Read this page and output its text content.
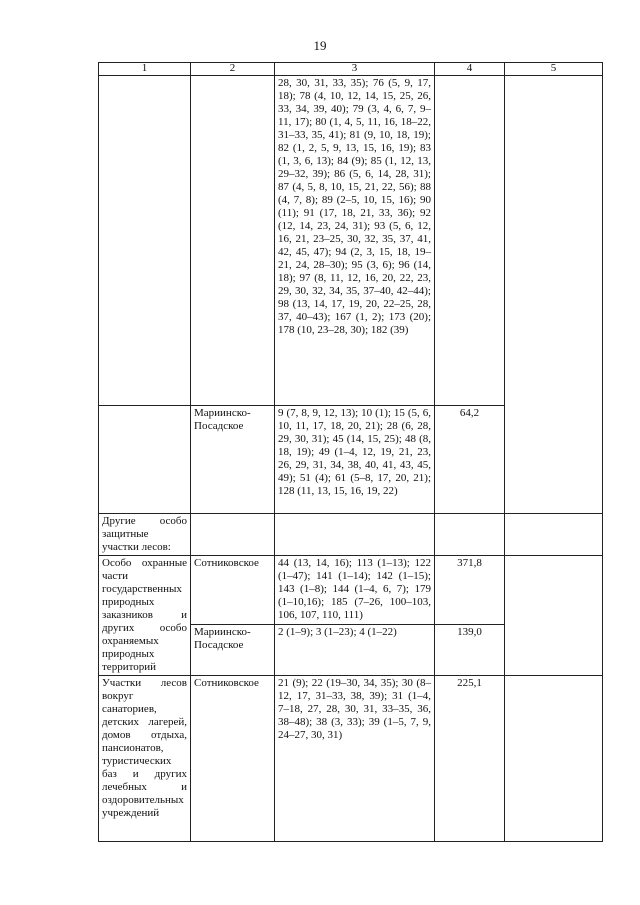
19
1	2	3	4	5
		28, 30, 31, 33, 35); 76 (5, 9, 17, 18); 78 (4, 10, 12, 14, 15, 25, 26, 33, 34, 39, 40); 79 (3, 4, 6, 7, 9–11, 17); 80 (1, 4, 5, 11, 16, 18–22, 31–33, 35, 41); 81 (9, 10, 18, 19); 82 (1, 2, 5, 9, 13, 15, 16, 19); 83 (1, 3, 6, 13); 84 (9); 85 (1, 12, 13, 29–32, 39); 86 (5, 6, 14, 28, 31); 87 (4, 5, 8, 10, 15, 21, 22, 56); 88 (4, 7, 8); 89 (2–5, 10, 15, 16); 90 (11); 91 (17, 18, 21, 33, 36); 92 (12, 14, 23, 24, 31); 93 (5, 6, 12, 16, 21, 23–25, 30, 32, 35, 37, 41, 42, 45, 47); 94 (2, 3, 15, 18, 19–21, 24, 28–30); 95 (3, 6); 96 (14, 18); 97 (8, 11, 12, 16, 20, 22, 23, 29, 30, 32, 34, 35, 37–40, 42–44); 98 (13, 14, 17, 19, 20, 22–25, 28, 37, 40–43); 167 (1, 2); 173 (20); 178 (10, 23–28, 30); 182 (39)		
	Мариинско-Посадское	9 (7, 8, 9, 12, 13); 10 (1); 15 (5, 6, 10, 11, 17, 18, 20, 21); 28 (6, 28, 29, 30, 31); 45 (14, 15, 25); 48 (8, 18, 19); 49 (1–4, 12, 19, 21, 23, 26, 29, 31, 34, 38, 40, 41, 43, 45, 49); 51 (4); 61 (5–8, 17, 20, 21); 128 (11, 13, 15, 16, 19, 22)	64,2	
Другие особо защитные участки лесов:				
Особо охранные части государственных природных заказников и других особо охраняемых природных территорий	Сотниковское	44 (13, 14, 16); 113 (1–13); 122 (1–47); 141 (1–14); 142 (1–15); 143 (1–8); 144 (1–4, 6, 7); 179 (1–10,16); 185 (7–26, 100–103, 106, 107, 110, 111)	371,8	
	Мариинско-Посадское	2 (1–9); 3 (1–23); 4 (1–22)	139,0	
Участки лесов вокруг санаториев, детских лагерей, домов отдыха, пансионатов, туристических баз и других лечебных и оздоровительных учреждений	Сотниковское	21 (9); 22 (19–30, 34, 35); 30 (8–12, 17, 31–33, 38, 39); 31 (1–4, 7–18, 27, 28, 30, 31, 33–35, 36, 38–48); 38 (3, 33); 39 (1–5, 7, 9, 24–27, 30, 31)	225,1	
